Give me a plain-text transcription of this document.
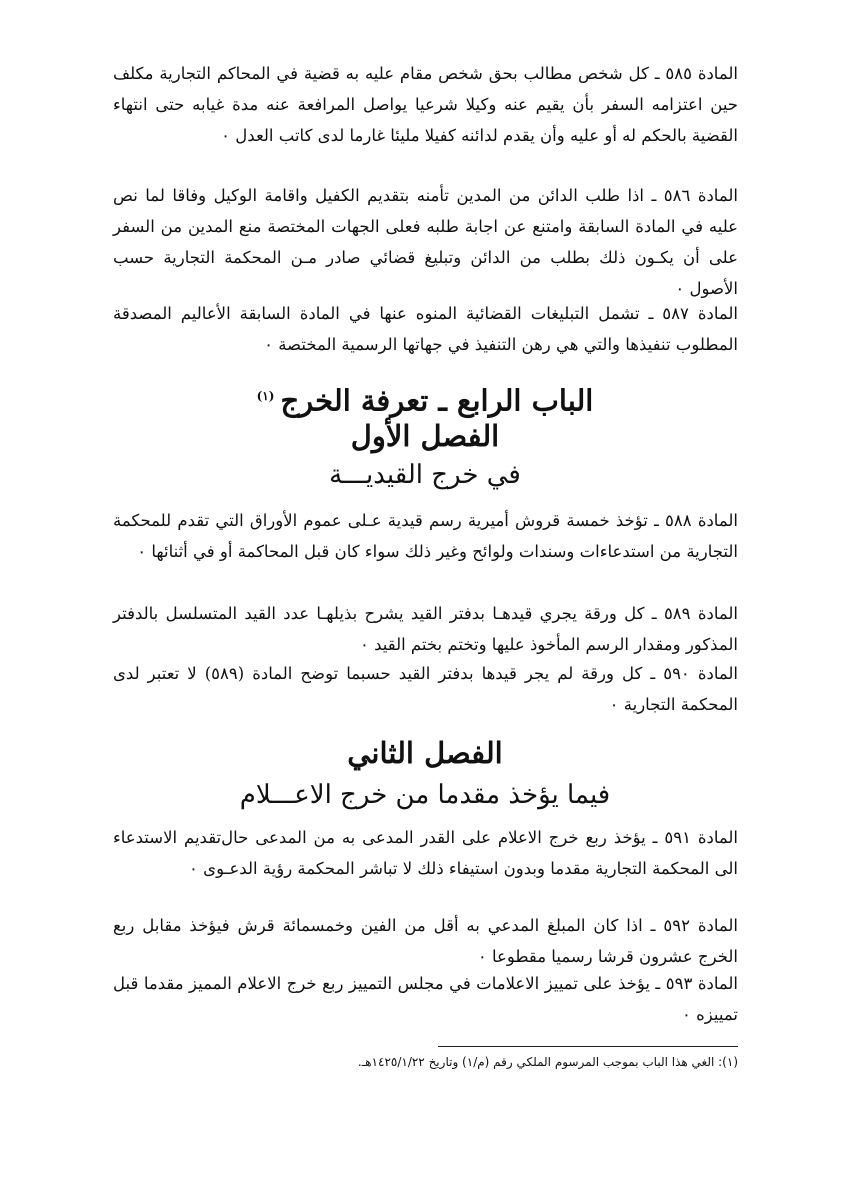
المادة ٥٨٥ ـ كل شخص مطالب بحق شخص مقام عليه به قضية في المحاكم التجارية مكلف حين اعتزامه السفر بأن يقيم عنه وكيلا شرعيا يواصل المرافعة عنه مدة غيابه حتى انتهاء القضية بالحكم له أو عليه وأن يقدم لدائنه كفيلا مليئا غارما لدى كاتب العدل ٠

المادة ٥٨٦ ـ اذا طلب الدائن من المدين تأمنه بتقديم الكفيل واقامة الوكيل وفاقا لما نص عليه في المادة السابقة وامتنع عن اجابة طلبه فعلى الجهات المختصة منع المدين من السفر على أن يكـون ذلك بطلب من الدائن وتبليغ قضائي صادر مـن المحكمة التجارية حسب الأصول ٠

المادة ٥٨٧ ـ تشمل التبليغات القضائية المنوه عنها في المادة السابقة الأعاليم المصدقة المطلوب تنفيذها والتي هي رهن التنفيذ في جهاتها الرسمية المختصة ٠

الباب الرابع ـ تعرفة الخرج$^{(١)}$
الفصل الأول
في خرج القيديـــة

المادة ٥٨٨ ـ تؤخذ خمسة قروش أميرية رسم قيدية عـلى عموم الأوراق التي تقدم للمحكمة التجارية من استدعاءات وسندات ولوائح وغير ذلك سواء كان قبل المحاكمة أو في أثنائها ٠

المادة ٥٨٩ ـ كل ورقة يجري قيدهـا بدفتر القيد يشرح بذيلهـا عدد القيد المتسلسل بالدفتر المذكور ومقدار الرسم المأخوذ عليها وتختم بختم القيد ٠

المادة ٥٩٠ ـ كل ورقة لم يجر قيدها بدفتر القيد حسبما توضح المادة (٥٨٩) لا تعتبر لدى المحكمة التجارية ٠

الفصل الثاني
فيما يؤخذ مقدما من خرج الاعـــلام

المادة ٥٩١ ـ يؤخذ ربع خرج الاعلام على القدر المدعى به من المدعى حال‌تقديم الاستدعاء الى المحكمة التجارية مقدما وبدون استيفاء ذلك لا تباشر المحكمة رؤية الدعـوى ٠

المادة ٥٩٢ ـ اذا كان المبلغ المدعي به أقل من الفين وخمسمائة قرش فيؤخذ مقابل ربع الخرج عشرون قرشا رسميا مقطوعا ٠

المادة ٥٩٣ ـ يؤخذ على تمييز الاعلامات في مجلس التمييز ربع خرج الاعلام المميز مقدما قبل تمييزه ٠

(١): الغي هذا الباب بموجب المرسوم الملكي رقم (م/١) وتاريخ ١٤٢٥/١/٢٢هـ.
